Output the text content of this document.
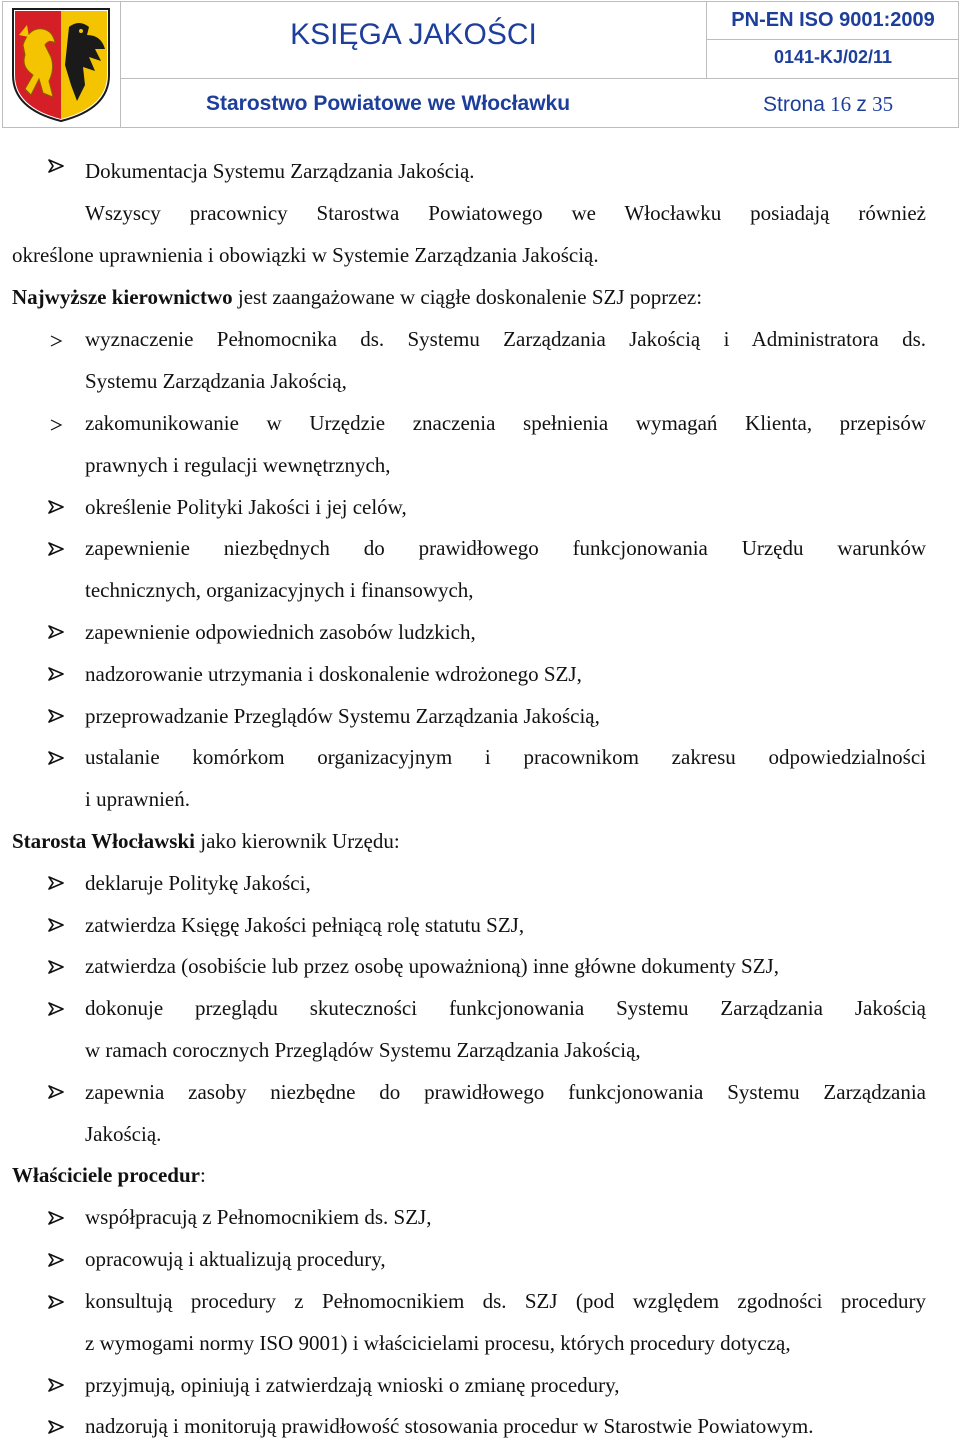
KSIĘGA JAKOŚCI	PN-EN ISO 9001:2009
0141-KJ/02/11
Starostwo Powiatowe we Włocławku	Strona 16 z 35
Dokumentacja Systemu Zarządzania Jakością.
Wszyscy pracownicy Starostwa Powiatowego we Włocławku posiadają również
określone uprawnienia i obowiązki w Systemie Zarządzania Jakością.
Najwyższe kierownictwo jest zaangażowane w ciągłe doskonalenie SZJ poprzez:
wyznaczenie Pełnomocnika ds. Systemu Zarządzania Jakością i Administratora ds.
Systemu Zarządzania Jakością,
zakomunikowanie w Urzędzie znaczenia spełnienia wymagań Klienta, przepisów
prawnych i regulacji wewnętrznych,
określenie Polityki Jakości i jej celów,
zapewnienie niezbędnych do prawidłowego funkcjonowania Urzędu warunków
technicznych, organizacyjnych i finansowych,
zapewnienie odpowiednich zasobów ludzkich,
nadzorowanie utrzymania i doskonalenie wdrożonego SZJ,
przeprowadzanie Przeglądów Systemu Zarządzania Jakością,
ustalanie komórkom organizacyjnym i pracownikom zakresu odpowiedzialności
i uprawnień.
Starosta Włocławski jako kierownik Urzędu:
deklaruje Politykę Jakości,
zatwierdza Księgę Jakości pełniącą rolę statutu SZJ,
zatwierdza (osobiście lub przez osobę upoważnioną) inne główne dokumenty SZJ,
dokonuje przeglądu skuteczności funkcjonowania Systemu Zarządzania Jakością
w ramach corocznych Przeglądów Systemu Zarządzania Jakością,
zapewnia zasoby niezbędne do prawidłowego funkcjonowania Systemu Zarządzania
Jakością.
Właściciele procedur:
współpracują z Pełnomocnikiem ds. SZJ,
opracowują i aktualizują procedury,
konsultują procedury z Pełnomocnikiem ds. SZJ (pod względem zgodności procedury
z wymogami normy ISO 9001) i właścicielami procesu, których procedury dotyczą,
przyjmują, opiniują i zatwierdzają wnioski o zmianę procedury,
nadzorują i monitorują prawidłowość stosowania procedur w Starostwie Powiatowym.
